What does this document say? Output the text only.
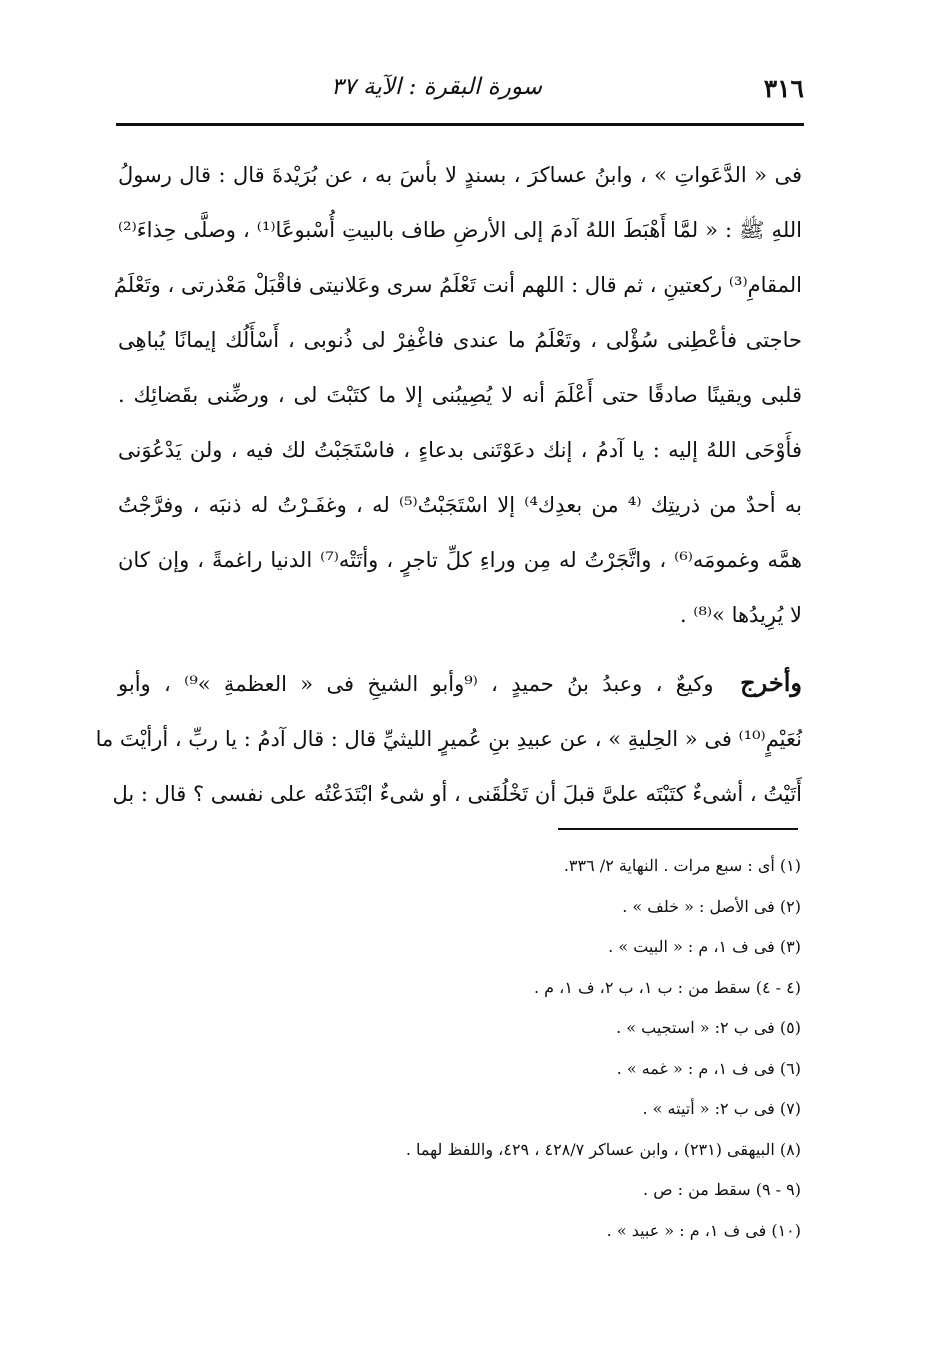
٣١٦
سورة البقرة : الآية ٣٧

فى « الدَّعَواتِ » ، وابنُ عساكرَ ، بسندٍ لا بأسَ به ، عن بُرَيْدةَ قال : قال رسولُ
اللهِ ﷺ : « لمَّا أَهْبَطَ اللهُ آدمَ إلى الأرضِ طاف بالبيتِ أُسْبوعًا⁽¹⁾ ، وصلَّى حِذاءَ⁽²⁾
المقامِ⁽³⁾ ركعتينِ ، ثم قال : اللهم أنت تَعْلَمُ سرى وعَلانيتى فاقْبَلْ مَعْذرتى ، وتَعْلَمُ
حاجتى فأعْطِنى سُؤْلى ، وتَعْلَمُ ما عندى فاغْفِرْ لى ذُنوبى ، أَسْأَلُك إيمانًا يُباهِى
قلبى ويقينًا صادقًا حتى أَعْلَمَ أنه لا يُصِيبُنى إلا ما كتَبْتَ لى ، ورضِّنى بقَضائِك .
فأَوْحَى اللهُ إليه : يا آدمُ ، إنك دعَوْتَنى بدعاءٍ ، فاسْتَجَبْتُ لك فيه ، ولن يَدْعُوَنى
به أحدٌ من ذريتِك ⁽⁴ من بعدِك⁴⁾ إلا اسْتَجَبْتُ⁽⁵⁾ له ، وغفَـرْتُ له ذنبَه ، وفرَّجْتُ
همَّه وغمومَه⁽⁶⁾ ، واتَّجَرْتُ له مِن وراءِ كلِّ تاجرٍ ، وأتَتْه⁽⁷⁾ الدنيا راغمةً ، وإن كان
لا يُرِيدُها »⁽⁸⁾ .

وأخرج  وكيعٌ ، وعبدُ بنُ حميدٍ ، ⁽⁹وأبو الشيخِ فى « العظمةِ »⁹⁾ ، وأبو
نُعَيْمٍ⁽¹⁰⁾ فى « الحِليةِ » ، عن عبيدِ بنِ عُميرٍ الليثيِّ قال : قال آدمُ : يا ربِّ ، أرأيْتَ ما
أَتَيْتُ ، أشىءٌ كتَبْتَه علىَّ قبلَ أن تَخْلُقَنى ، أو شىءٌ ابْتَدَعْتُه على نفسى ؟ قال : بل

(١) أى : سبع مرات . النهاية ٢/ ٣٣٦.
(٢) فى الأصل : « خلف » .
(٣) فى ف ١، م : « البيت » .
(٤ - ٤) سقط من : ب ١، ب ٢، ف ١، م .
(٥) فى ب ٢: « استجيب » .
(٦) فى ف ١، م : « غمه » .
(٧) فى ب ٢: « أتيته » .
(٨) البيهقى (٢٣١) ، وابن عساكر ٤٢٨/٧ ، ٤٢٩، واللفظ لهما .
(٩ - ٩) سقط من : ص .
(١٠) فى ف ١، م : « عبيد » .
